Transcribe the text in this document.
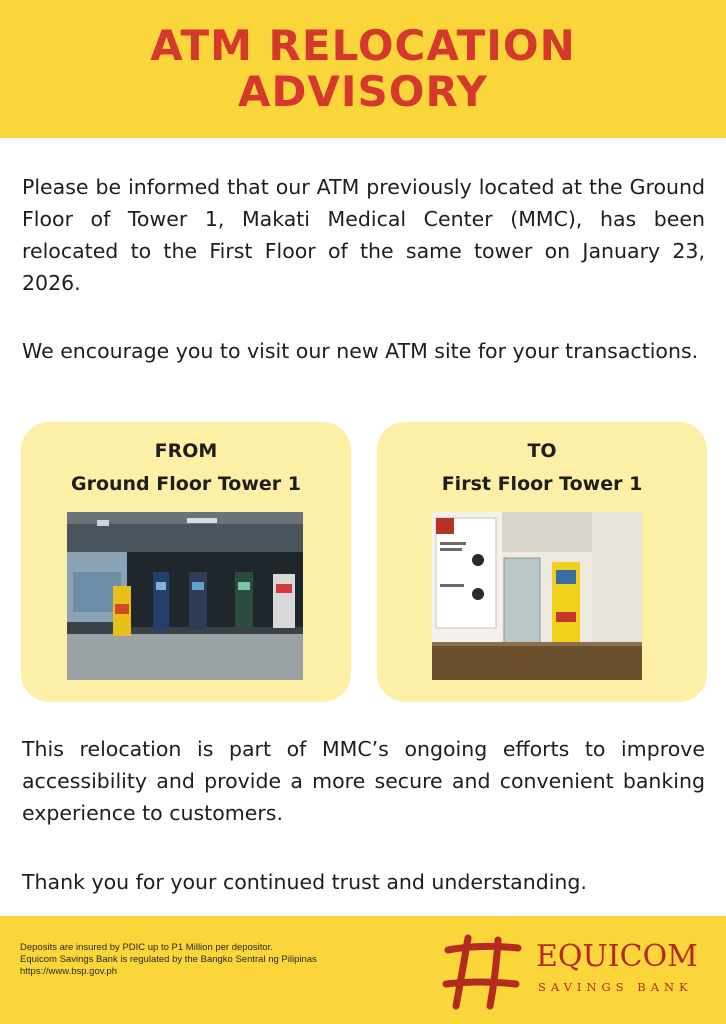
ATM RELOCATION
ADVISORY

Please be informed that our ATM previously located at the Ground Floor of Tower 1, Makati Medical Center (MMC), has been relocated to the First Floor of the same tower on January 23, 2026.

We encourage you to visit our new ATM site for your transactions.

FROM
Ground Floor Tower 1
TO
First Floor Tower 1

This relocation is part of MMC’s ongoing efforts to improve accessibility and provide a more secure and convenient banking experience to customers.

Thank you for your continued trust and understanding.

Deposits are insured by PDIC up to P1 Million per depositor.
Equicom Savings Bank is regulated by the Bangko Sentral ng Pilipinas
https://www.bsp.gov.ph	EQUICOM
SAVINGS BANK
